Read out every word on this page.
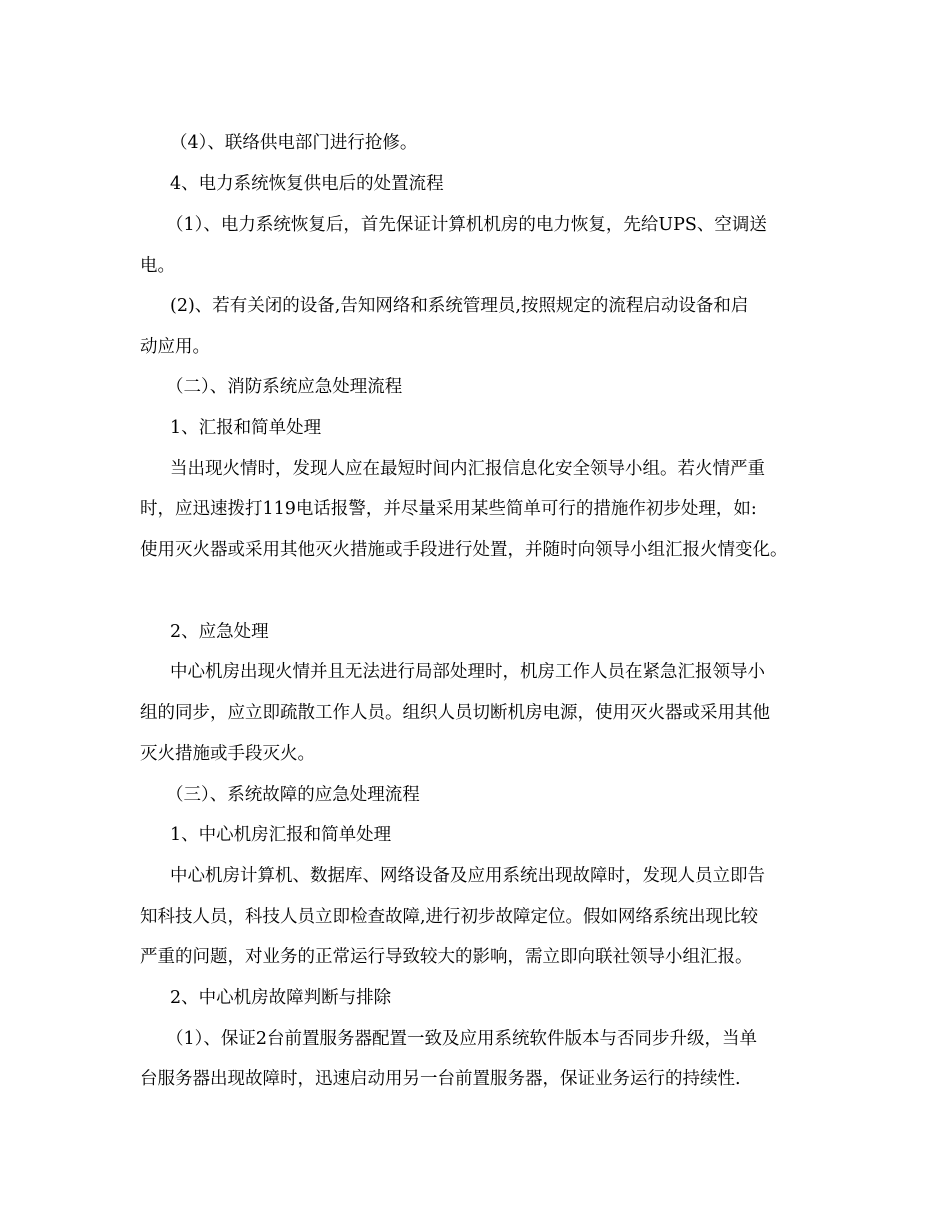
（4）、联络供电部门进行抢修。
4、电力系统恢复供电后的处置流程
（1）、电力系统恢复后，首先保证计算机机房的电力恢复，先给UPS、空调送
电。
(2)、若有关闭的设备,告知网络和系统管理员,按照规定的流程启动设备和启
动应用。
（二）、消防系统应急处理流程
1、汇报和简单处理
当出现火情时，发现人应在最短时间内汇报信息化安全领导小组。若火情严重
时，应迅速拨打119电话报警，并尽量采用某些简单可行的措施作初步处理，如:
使用灭火器或采用其他灭火措施或手段进行处置，并随时向领导小组汇报火情变化。
2、应急处理
中心机房出现火情并且无法进行局部处理时，机房工作人员在紧急汇报领导小
组的同步，应立即疏散工作人员。组织人员切断机房电源，使用灭火器或采用其他
灭火措施或手段灭火。
（三）、系统故障的应急处理流程
1、中心机房汇报和简单处理
中心机房计算机、数据库、网络设备及应用系统出现故障时，发现人员立即告
知科技人员，科技人员立即检查故障,进行初步故障定位。假如网络系统出现比较
严重的问题，对业务的正常运行导致较大的影响，需立即向联社领导小组汇报。
2、中心机房故障判断与排除
（1）、保证2台前置服务器配置一致及应用系统软件版本与否同步升级，当单
台服务器出现故障时，迅速启动用另一台前置服务器，保证业务运行的持续性.
